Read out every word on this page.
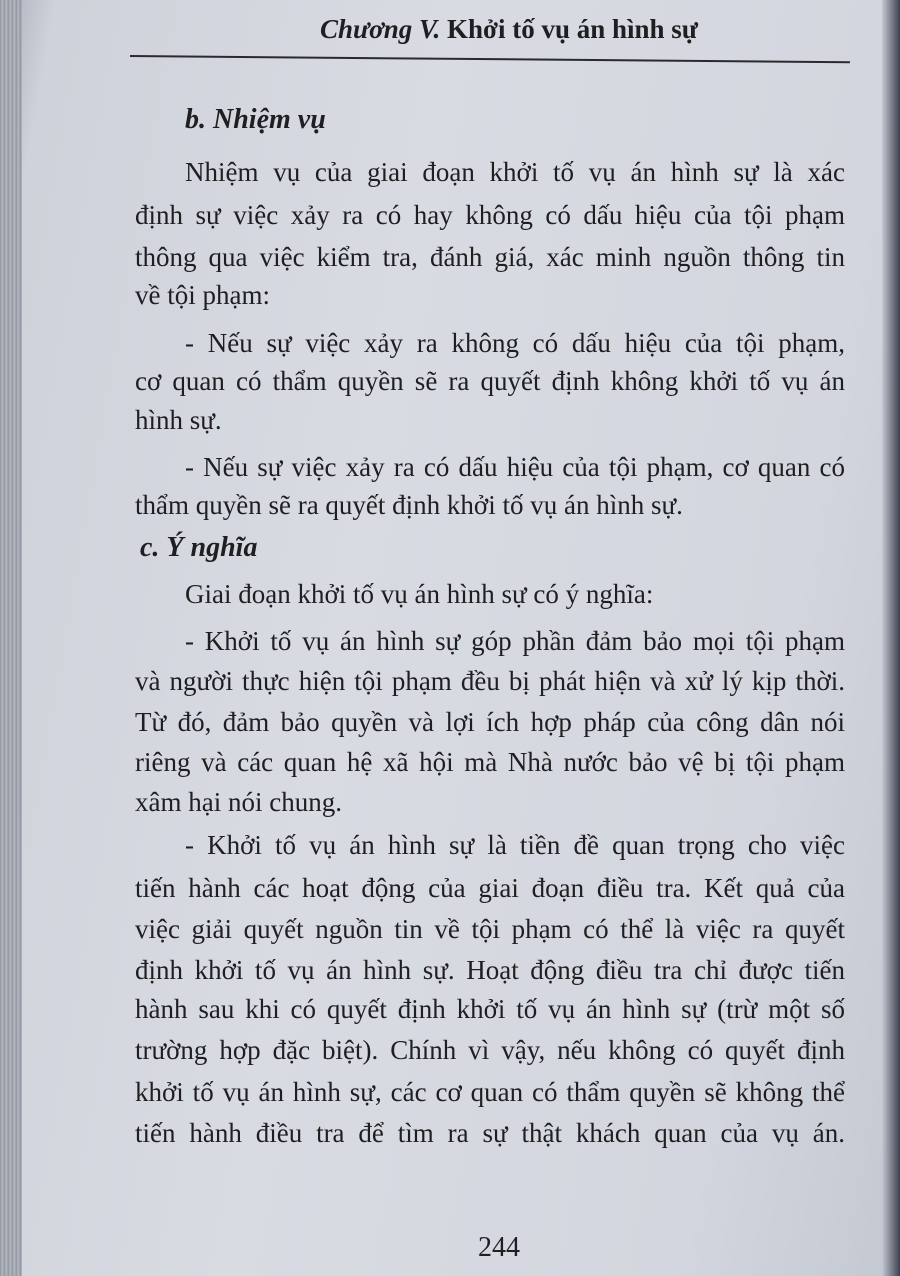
Chương V. Khởi tố vụ án hình sự
b. Nhiệm vụ
Nhiệm vụ của giai đoạn khởi tố vụ án hình sự là xác
định sự việc xảy ra có hay không có dấu hiệu của tội phạm
thông qua việc kiểm tra, đánh giá, xác minh nguồn thông tin
về tội phạm:
- Nếu sự việc xảy ra không có dấu hiệu của tội phạm,
cơ quan có thẩm quyền sẽ ra quyết định không khởi tố vụ án
hình sự.
- Nếu sự việc xảy ra có dấu hiệu của tội phạm, cơ quan có
thẩm quyền sẽ ra quyết định khởi tố vụ án hình sự.
c. Ý nghĩa
Giai đoạn khởi tố vụ án hình sự có ý nghĩa:
- Khởi tố vụ án hình sự góp phần đảm bảo mọi tội phạm
và người thực hiện tội phạm đều bị phát hiện và xử lý kịp thời.
Từ đó, đảm bảo quyền và lợi ích hợp pháp của công dân nói
riêng và các quan hệ xã hội mà Nhà nước bảo vệ bị tội phạm
xâm hại nói chung.
- Khởi tố vụ án hình sự là tiền đề quan trọng cho việc
tiến hành các hoạt động của giai đoạn điều tra. Kết quả của
việc giải quyết nguồn tin về tội phạm có thể là việc ra quyết
định khởi tố vụ án hình sự. Hoạt động điều tra chỉ được tiến
hành sau khi có quyết định khởi tố vụ án hình sự (trừ một số
trường hợp đặc biệt). Chính vì vậy, nếu không có quyết định
khởi tố vụ án hình sự, các cơ quan có thẩm quyền sẽ không thể
tiến hành điều tra để tìm ra sự thật khách quan của vụ án.
244
